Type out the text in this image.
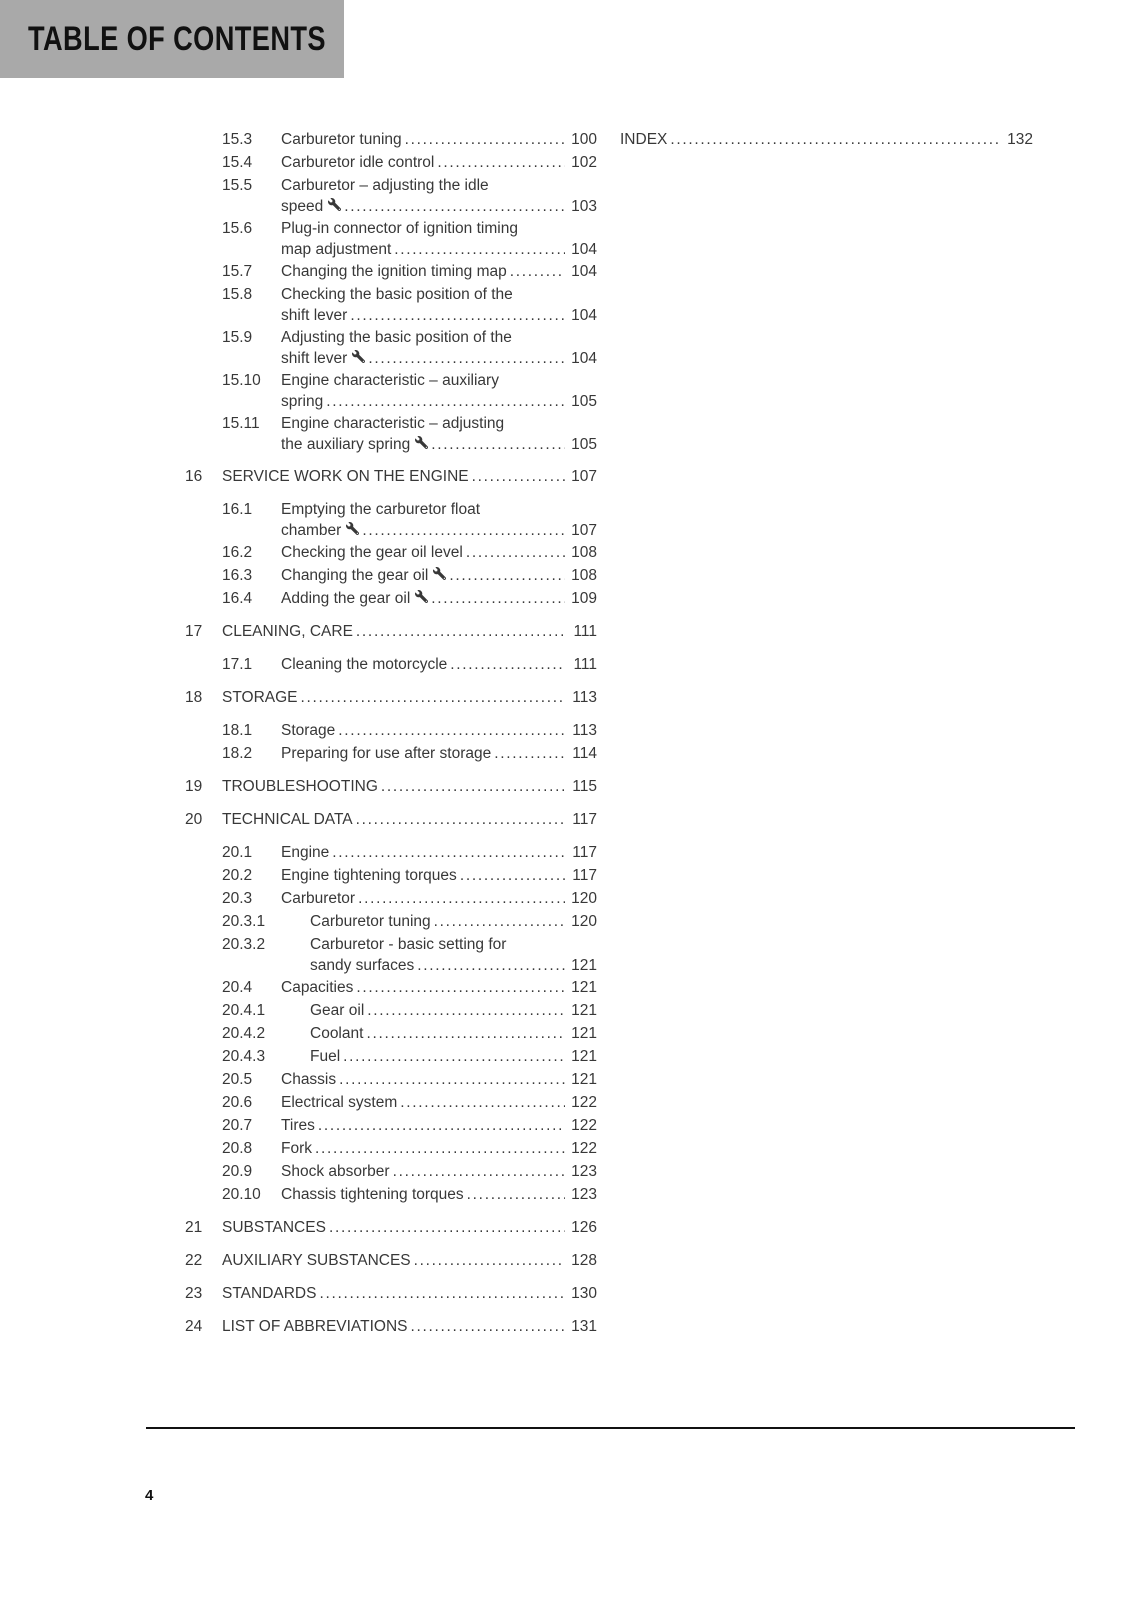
TABLE OF CONTENTS
15.3	Carburetor tuning .....	100
15.4	Carburetor idle control .....	102
15.5	Carburetor – adjusting the idle
speed .....	103
15.6	Plug-in connector of ignition timing
map adjustment .....	104
15.7	Changing the ignition timing map .....	104
15.8	Checking the basic position of the
shift lever .....	104
15.9	Adjusting the basic position of the
shift lever .....	104
15.10	Engine characteristic – auxiliary
spring .....	105
15.11	Engine characteristic – adjusting
the auxiliary spring .....	105
16	SERVICE WORK ON THE ENGINE .....	107
16.1	Emptying the carburetor float
chamber .....	107
16.2	Checking the gear oil level .....	108
16.3	Changing the gear oil .....	108
16.4	Adding the gear oil .....	109
17	CLEANING, CARE .....	111
17.1	Cleaning the motorcycle .....	111
18	STORAGE .....	113
18.1	Storage .....	113
18.2	Preparing for use after storage .....	114
19	TROUBLESHOOTING .....	115
20	TECHNICAL DATA .....	117
20.1	Engine .....	117
20.2	Engine tightening torques .....	117
20.3	Carburetor .....	120
20.3.1	Carburetor tuning .....	120
20.3.2	Carburetor - basic setting for
sandy surfaces .....	121
20.4	Capacities .....	121
20.4.1	Gear oil .....	121
20.4.2	Coolant .....	121
20.4.3	Fuel .....	121
20.5	Chassis .....	121
20.6	Electrical system .....	122
20.7	Tires .....	122
20.8	Fork .....	122
20.9	Shock absorber .....	123
20.10	Chassis tightening torques .....	123
21	SUBSTANCES .....	126
22	AUXILIARY SUBSTANCES .....	128
23	STANDARDS .....	130
24	LIST OF ABBREVIATIONS .....	131
INDEX .....	132
4
